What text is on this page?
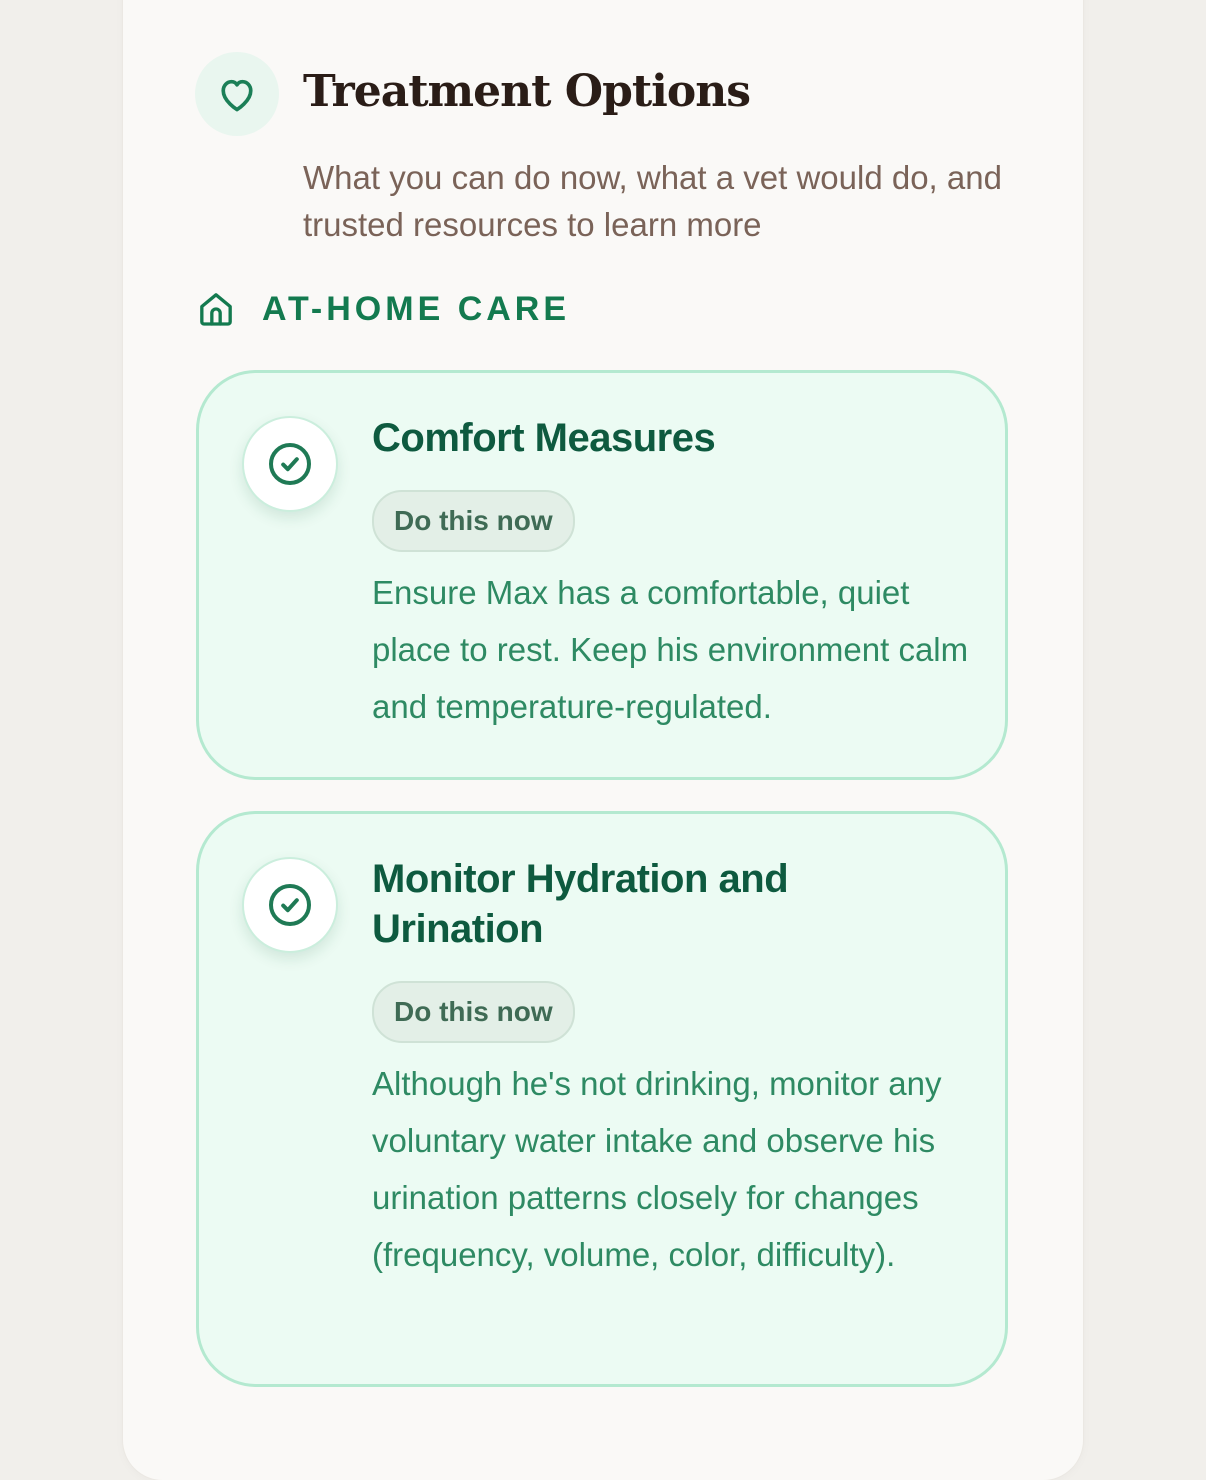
Treatment Options

What you can do now, what a vet would do, and trusted resources to learn more

AT-HOME CARE
Comfort Measures
Do this now

Ensure Max has a comfortable, quiet place to rest. Keep his environment calm and temperature-regulated.

Monitor Hydration and Urination
Do this now

Although he's not drinking, monitor any voluntary water intake and observe his urination patterns closely for changes (frequency, volume, color, difficulty).
